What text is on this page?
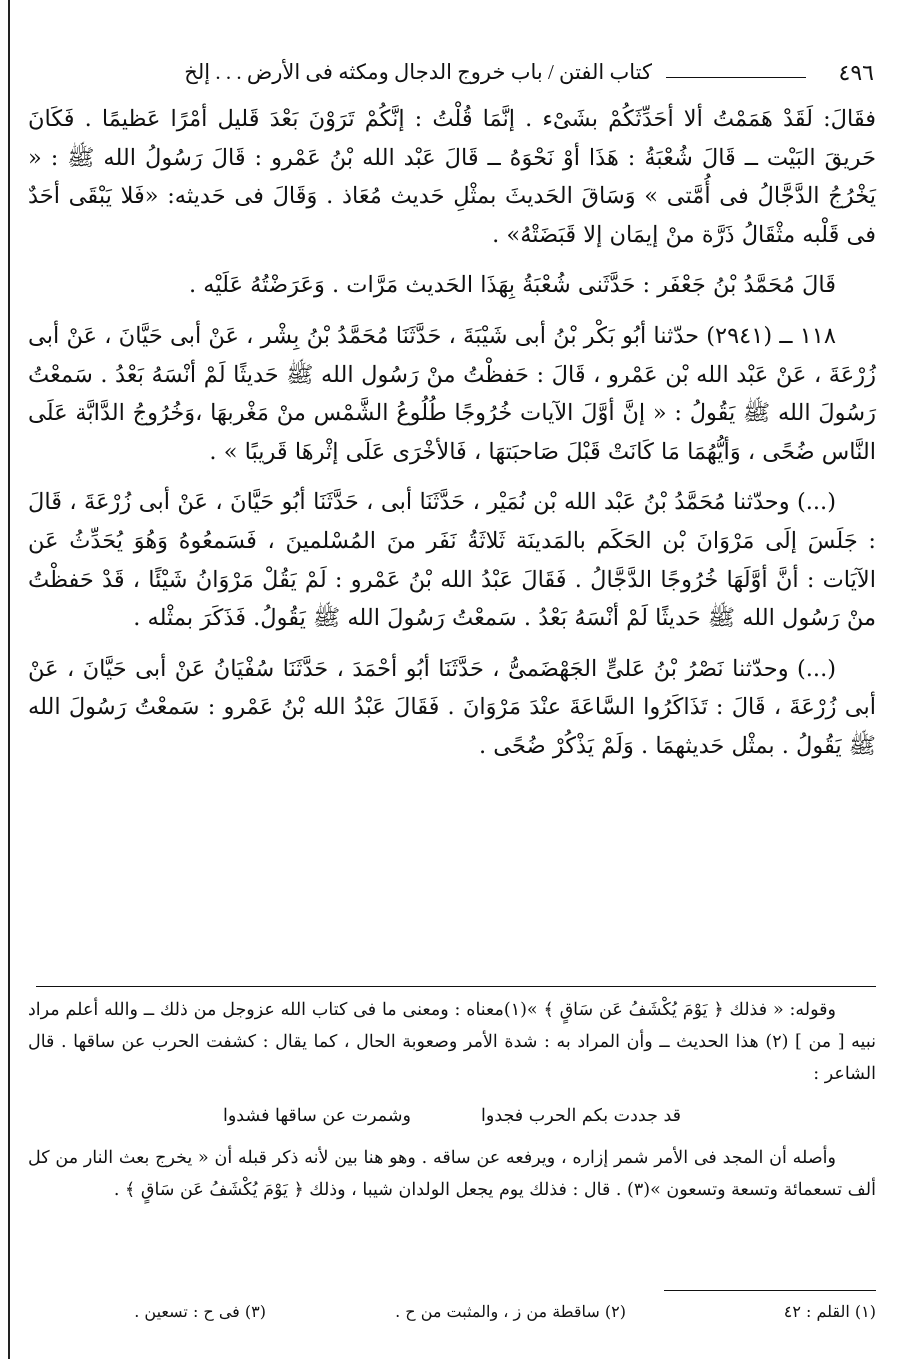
٤٩٦
كتاب الفتن / باب خروج الدجال ومكثه فى الأرض . . . إلخ

فقَالَ: لَقَدْ هَمَمْتُ ألا أحَدِّثَكُمْ بشَىْء . إنَّمَا قُلْتُ : إنَّكُمْ تَرَوْنَ بَعْدَ قَليل أمْرًا عَظيمًا . فَكَانَ حَريقَ البَيْت ــ قَالَ شُعْبَةُ : هَذَا أوْ نَحْوَهُ ــ قَالَ عَبْد الله بْنُ عَمْرو : قَالَ رَسُولُ الله ﷺ : « يَخْرُجُ الدَّجَّالُ فى أُمَّتى » وَسَاقَ الحَديثَ بمثْلِ حَديث مُعَاذ . وَقَالَ فى حَديثه: «فَلا يَبْقَى أحَدٌ فى قَلْبه مثْقَالُ ذَرَّة منْ إيمَان إلا قَبَضَتْهُ» .

قَالَ مُحَمَّدُ بْنُ جَعْفَر : حَدَّثَنى شُعْبَةُ بِهَذَا الحَديث مَرَّات . وَعَرَضْتُهُ عَلَيْه .

١١٨ ــ (٢٩٤١) حدّثنا أبُو بَكْر بْنُ أبى شَيْبَةَ ، حَدَّثَنَا مُحَمَّدُ بْنُ بِشْر ، عَنْ أبى حَيَّانَ ، عَنْ أبى زُرْعَةَ ، عَنْ عَبْد الله بْن عَمْرو ، قَالَ : حَفظْتُ منْ رَسُول الله ﷺ حَديثًا لَمْ أنْسَهُ بَعْدُ . سَمعْتُ رَسُولَ الله ﷺ يَقُولُ : « إنَّ أوَّلَ الآيات خُرُوجًا طُلُوعُ الشَّمْس منْ مَغْربهَا ،وَخُرُوجُ الدَّابَّة عَلَى النَّاس ضُحًى ، وَأيُّهُمَا مَا كَانَتْ قَبْلَ صَاحبَتهَا ، فَالأخْرَى عَلَى إثْرهَا قَريبًا » .

(...) وحدّثنا مُحَمَّدُ بْنُ عَبْد الله بْن نُمَيْر ، حَدَّثَنَا أبى ، حَدَّثَنَا أبُو حَيَّانَ ، عَنْ أبى زُرْعَةَ ، قَالَ : جَلَسَ إلَى مَرْوَانَ بْن الحَكَم بالمَدينَة ثَلاثَةُ نَفَر منَ المُسْلمينَ ، فَسَمعُوهُ وَهُوَ يُحَدِّثُ عَن الآيَات : أنَّ أوَّلَهَا خُرُوجًا الدَّجَّالُ . فَقَالَ عَبْدُ الله بْنُ عَمْرو : لَمْ يَقُلْ مَرْوَانُ شَيْئًا ، قَدْ حَفظْتُ منْ رَسُول الله ﷺ حَديثًا لَمْ أنْسَهُ بَعْدُ . سَمعْتُ رَسُولَ الله ﷺ يَقُولُ. فَذَكَرَ بمثْله .

(...) وحدّثنا نَصْرُ بْنُ عَلىٍّ الجَهْضَمىُّ ، حَدَّثَنَا أبُو أحْمَدَ ، حَدَّثَنَا سُفْيَانُ عَنْ أبى حَيَّانَ ، عَنْ أبى زُرْعَةَ ، قَالَ : تَذَاكَرُوا السَّاعَةَ عنْدَ مَرْوَانَ . فَقَالَ عَبْدُ الله بْنُ عَمْرو : سَمعْتُ رَسُولَ الله ﷺ يَقُولُ . بمثْل حَديثهمَا . وَلَمْ يَذْكُرْ ضُحًى .

وقوله: « فذلك ﴿ يَوْمَ يُكْشَفُ عَن سَاقٍ ﴾ »(١)معناه : ومعنى ما فى كتاب الله عزوجل من ذلك ــ والله أعلم مراد نبيه [ من ] (٢) هذا الحديث ــ وأن المراد به : شدة الأمر وصعوبة الحال ، كما يقال : كشفت الحرب عن ساقها . قال الشاعر :

قد جددت بكم الحرب فجدوا
وشمرت عن ساقها فشدوا

وأصله أن المجد فى الأمر شمر إزاره ، ويرفعه عن ساقه . وهو هنا بين لأنه ذكر قبله أن « يخرج بعث النار من كل ألف تسعمائة وتسعة وتسعون »(٣) . قال : فذلك يوم يجعل الولدان شيبا ، وذلك ﴿ يَوْمَ يُكْشَفُ عَن سَاقٍ ﴾ .

(١) القلم : ٤٢
(٢) ساقطة من ز ، والمثبت من ح .
(٣) فى ح : تسعين .
